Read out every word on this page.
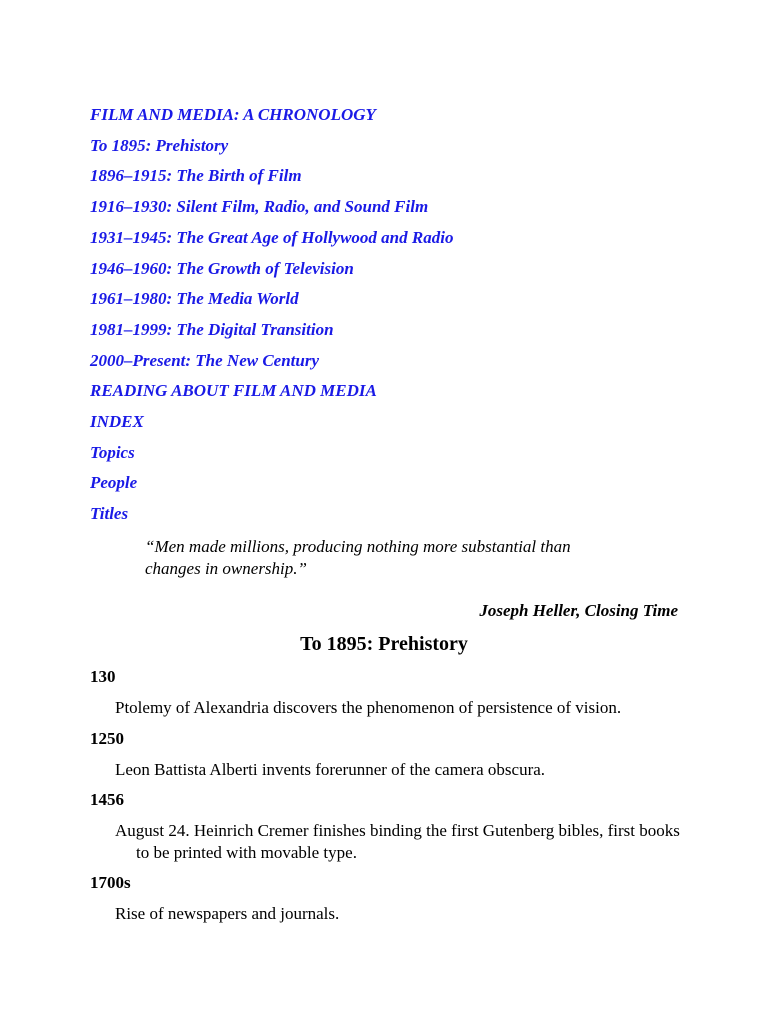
FILM AND MEDIA: A CHRONOLOGY
To 1895: Prehistory
1896–1915: The Birth of Film
1916–1930: Silent Film, Radio, and Sound Film
1931–1945: The Great Age of Hollywood and Radio
1946–1960: The Growth of Television
1961–1980: The Media World
1981–1999: The Digital Transition
2000–Present: The New Century
READING ABOUT FILM AND MEDIA
INDEX
Topics
People
Titles
“Men made millions, producing nothing more substantial than changes in ownership.”
Joseph Heller, Closing Time
To 1895: Prehistory

130

Ptolemy of Alexandria discovers the phenomenon of persistence of vision.

1250

Leon Battista Alberti invents forerunner of the camera obscura.

1456

August 24. Heinrich Cremer finishes binding the first Gutenberg bibles, first books to be printed with movable type.

1700s

Rise of newspapers and journals.
